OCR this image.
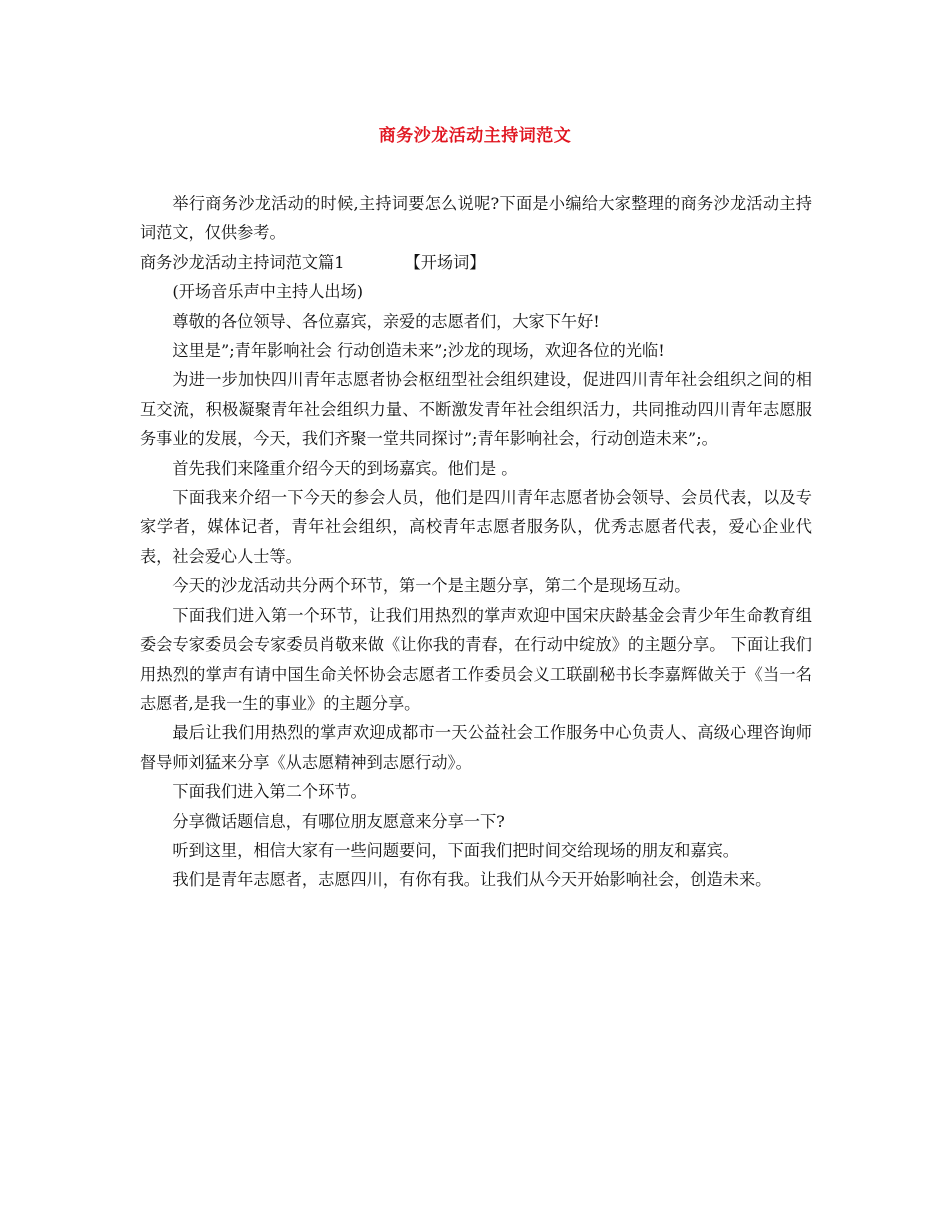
商务沙龙活动主持词范文

举行商务沙龙活动的时候,主持词要怎么说呢?下面是小编给大家整理的商务沙龙活动主持词范文，仅供参考。

商务沙龙活动主持词范文篇1	【开场词】

(开场音乐声中主持人出场)

尊敬的各位领导、各位嘉宾，亲爱的志愿者们，大家下午好!

这里是”;青年影响社会 行动创造未来”;沙龙的现场，欢迎各位的光临!

为进一步加快四川青年志愿者协会枢纽型社会组织建设，促进四川青年社会组织之间的相互交流，积极凝聚青年社会组织力量、不断激发青年社会组织活力，共同推动四川青年志愿服务事业的发展，今天，我们齐聚一堂共同探讨”;青年影响社会，行动创造未来”;。

首先我们来隆重介绍今天的到场嘉宾。他们是 。

下面我来介绍一下今天的参会人员，他们是四川青年志愿者协会领导、会员代表，以及专家学者，媒体记者，青年社会组织，高校青年志愿者服务队，优秀志愿者代表，爱心企业代表，社会爱心人士等。

今天的沙龙活动共分两个环节，第一个是主题分享，第二个是现场互动。

下面我们进入第一个环节，让我们用热烈的掌声欢迎中国宋庆龄基金会青少年生命教育组委会专家委员会专家委员肖敬来做《让你我的青春，在行动中绽放》的主题分享。 下面让我们用热烈的掌声有请中国生命关怀协会志愿者工作委员会义工联副秘书长李嘉辉做关于《当一名志愿者,是我一生的事业》的主题分享。

最后让我们用热烈的掌声欢迎成都市一天公益社会工作服务中心负责人、高级心理咨询师督导师刘猛来分享《从志愿精神到志愿行动》。

下面我们进入第二个环节。

分享微话题信息，有哪位朋友愿意来分享一下?

听到这里，相信大家有一些问题要问，下面我们把时间交给现场的朋友和嘉宾。

我们是青年志愿者，志愿四川，有你有我。让我们从今天开始影响社会，创造未来。
